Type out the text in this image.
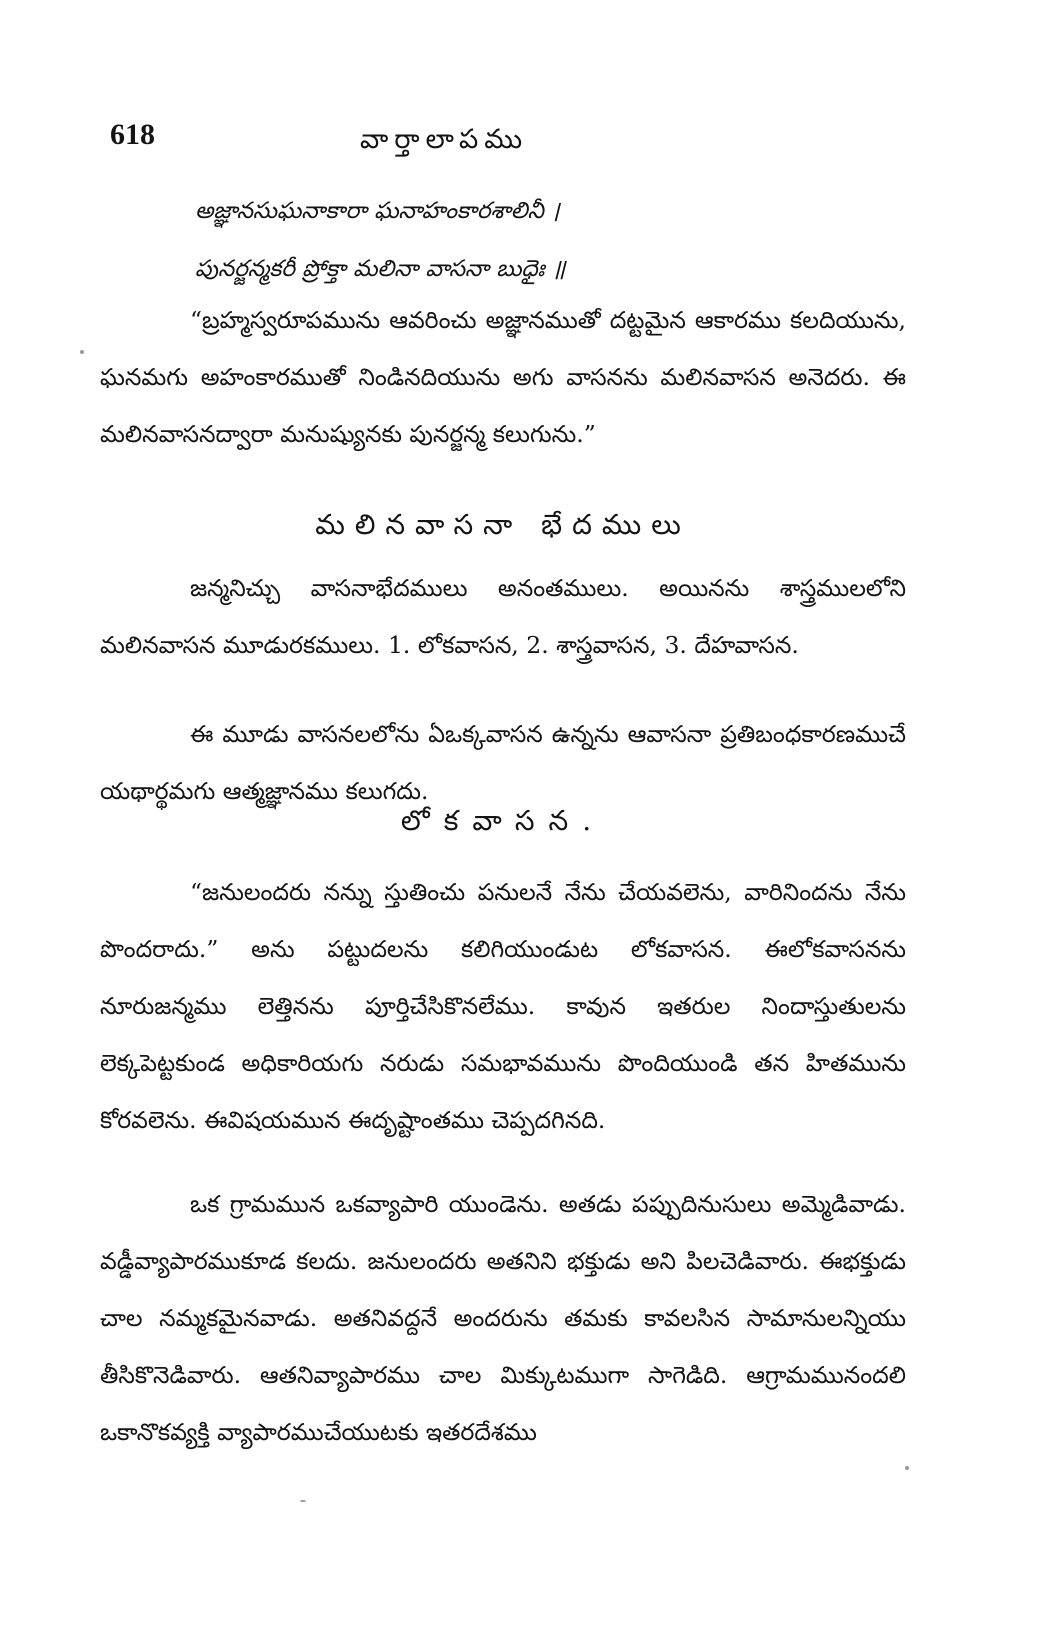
618	వార్తాలాపము
అజ్ఞానసుఘనాకారా ఘనాహంకారశాలినీ ।
పునర్జన్మకరీ ప్రోక్తా మలినా వాసనా బుధైః ॥
“బ్రహ్మస్వరూపమును ఆవరించు అజ్ఞానముతో దట్టమైన ఆకారము కలదియును, ఘనమగు అహంకారముతో నిండినదియును అగు వాసనను మలినవాసన అనెదరు. ఈ మలినవాసనద్వారా మనుష్యునకు పునర్జన్మ కలుగును.”
మలినవాసనా భేదములు
జన్మనిచ్చు వాసనాభేదములు అనంతములు. అయినను శాస్త్రములలోని మలినవాసన మూడురకములు. 1. లోకవాసన, 2. శాస్త్రవాసన, 3. దేహవాసన.
ఈ మూడు వాసనలలోను ఏఒక్కవాసన ఉన్నను ఆవాసనా ప్రతిబంధకారణముచే యథార్థమగు ఆత్మజ్ఞానము కలుగదు.
లోకవాసన.
“జనులందరు నన్ను స్తుతించు పనులనే నేను చేయవలెను, వారినిందను నేను పొందరాదు.” అను పట్టుదలను కలిగియుండుట లోకవాసన. ఈలోకవాసనను నూరుజన్మము లెత్తినను పూర్తిచేసికొనలేము. కావున ఇతరుల నిందాస్తుతులను లెక్కపెట్టకుండ అధికారియగు నరుడు సమభావమును పొందియుండి తన హితమును కోరవలెను. ఈవిషయమున ఈదృష్టాంతము చెప్పదగినది.
ఒక గ్రామమున ఒకవ్యాపారి యుండెను. అతడు పప్పుదినుసులు అమ్మెడివాడు. వడ్డీవ్యాపారముకూడ కలదు. జనులందరు అతనిని భక్తుడు అని పిలచెడివారు. ఈభక్తుడు చాల నమ్మకమైనవాడు. అతనివద్దనే అందరును తమకు కావలసిన సామానులన్నియు తీసికొనెడివారు. ఆతనివ్యాపారము చాల మిక్కుటముగా సాగెడిది. ఆగ్రామమునందలి ఒకానొకవ్యక్తి వ్యాపారముచేయుటకు ఇతరదేశము
